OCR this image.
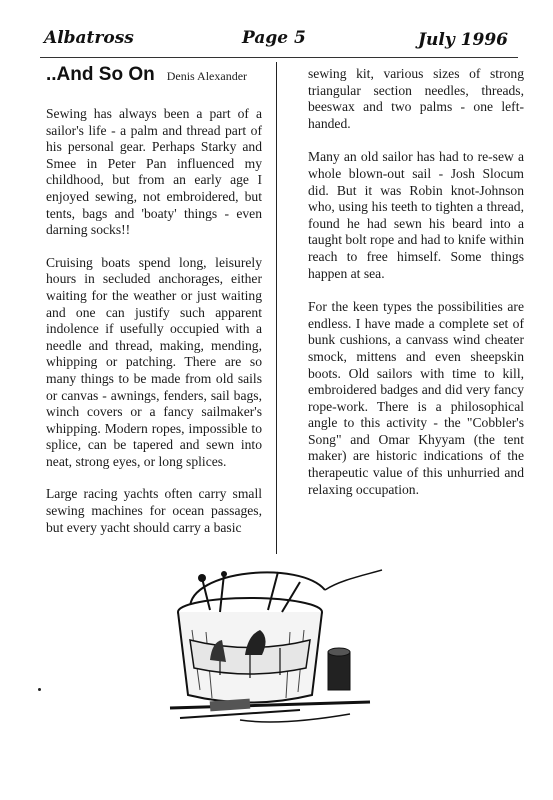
Albatross	Page 5	July 1996
..And So On Denis Alexander

Sewing has always been a part of a sailor's life - a palm and thread part of his personal gear. Perhaps Starky and Smee in Peter Pan influenced my childhood, but from an early age I enjoyed sewing, not embroidered, but tents, bags and 'boaty' things - even darning socks!!

Cruising boats spend long, leisurely hours in secluded anchorages, either waiting for the weather or just waiting and one can justify such apparent indolence if usefully occupied with a needle and thread, making, mending, whipping or patching. There are so many things to be made from old sails or canvas - awnings, fenders, sail bags, winch covers or a fancy sailmaker's whipping. Modern ropes, impossible to splice, can be tapered and sewn into neat, strong eyes, or long splices.

Large racing yachts often carry small sewing machines for ocean passages, but every yacht should carry a basic

sewing kit, various sizes of strong triangular section needles, threads, beeswax and two palms - one left-handed.

Many an old sailor has had to re-sew a whole blown-out sail - Josh Slocum did. But it was Robin knot-Johnson who, using his teeth to tighten a thread, found he had sewn his beard into a taught bolt rope and had to knife within reach to free himself. Some things happen at sea.

For the keen types the possibilities are endless. I have made a complete set of bunk cushions, a canvass wind cheater smock, mittens and even sheepskin boots. Old sailors with time to kill, embroidered badges and did very fancy rope-work. There is a philosophical angle to this activity - the "Cobbler's Song" and Omar Khyyam (the tent maker) are historic indications of the therapeutic value of this unhurried and relaxing occupation.
